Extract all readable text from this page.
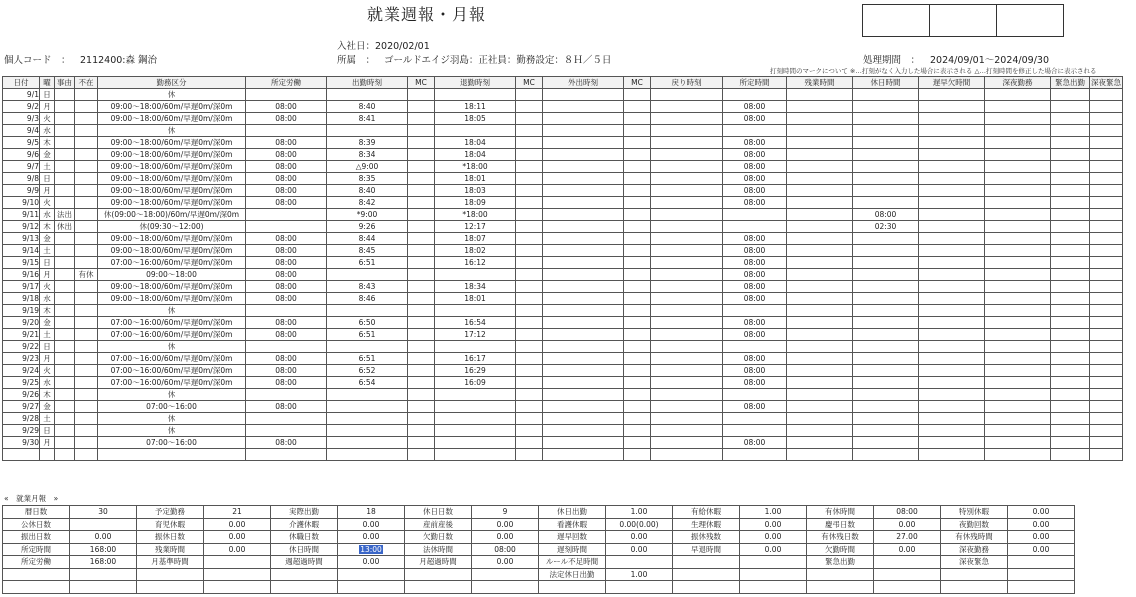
就業週報・月報
入社日：2020/02/01
所属　： ゴールドエイジ羽島：正社員：勤務設定：８Ｈ／５日
個人コード　： 2112400:森 鋼治	処理期間　： 2024/09/01～2024/09/30
打刻時間のマークについて ※…打刻がなく入力した場合に表示される △…打刻時間を修正した場合に表示される
日付	曜	事由	不在	勤務区分	所定労働	出勤時刻	MC	退勤時刻	MC	外出時刻	MC	戻り時刻	所定時間	残業時間	休日時間	遅早欠時間	深夜勤務	緊急出勤	深夜緊急
9/1	日			休															
9/2	月			09:00～18:00/60m/早遅0m/深0m	08:00	8:40		18:11					08:00						
9/3	火			09:00～18:00/60m/早遅0m/深0m	08:00	8:41		18:05					08:00						
9/4	水			休															
9/5	木			09:00～18:00/60m/早遅0m/深0m	08:00	8:39		18:04					08:00						
9/6	金			09:00～18:00/60m/早遅0m/深0m	08:00	8:34		18:04					08:00						
9/7	土			09:00～18:00/60m/早遅0m/深0m	08:00	△9:00		*18:00					08:00						
9/8	日			09:00～18:00/60m/早遅0m/深0m	08:00	8:35		18:01					08:00						
9/9	月			09:00～18:00/60m/早遅0m/深0m	08:00	8:40		18:03					08:00						
9/10	火			09:00～18:00/60m/早遅0m/深0m	08:00	8:42		18:09					08:00						
9/11	水	法出		休(09:00～18:00)/60m/早遅0m/深0m		*9:00		*18:00							08:00				
9/12	木	休出		休(09:30～12:00)		9:26		12:17							02:30				
9/13	金			09:00～18:00/60m/早遅0m/深0m	08:00	8:44		18:07					08:00						
9/14	土			09:00～18:00/60m/早遅0m/深0m	08:00	8:45		18:02					08:00						
9/15	日			07:00～16:00/60m/早遅0m/深0m	08:00	6:51		16:12					08:00						
9/16	月		有休	09:00～18:00	08:00								08:00						
9/17	火			09:00～18:00/60m/早遅0m/深0m	08:00	8:43		18:34					08:00						
9/18	水			09:00～18:00/60m/早遅0m/深0m	08:00	8:46		18:01					08:00						
9/19	木			休															
9/20	金			07:00～16:00/60m/早遅0m/深0m	08:00	6:50		16:54					08:00						
9/21	土			07:00～16:00/60m/早遅0m/深0m	08:00	6:51		17:12					08:00						
9/22	日			休															
9/23	月			07:00～16:00/60m/早遅0m/深0m	08:00	6:51		16:17					08:00						
9/24	火			07:00～16:00/60m/早遅0m/深0m	08:00	6:52		16:29					08:00						
9/25	水			07:00～16:00/60m/早遅0m/深0m	08:00	6:54		16:09					08:00						
9/26	木			休															
9/27	金			07:00～16:00	08:00								08:00						
9/28	土			休															
9/29	日			休															
9/30	月			07:00～16:00	08:00								08:00						

«　就業月報　»
暦日数	30	予定勤務	21	実際出勤	18	休日日数	9	休日出勤	1.00	有給休暇	1.00	有休時間	08:00	特別休暇	0.00
公休日数		育児休暇	0.00	介護休暇	0.00	産前産後	0.00	看護休暇	0.00(0.00)	生理休暇	0.00	慶弔日数	0.00	夜勤回数	0.00
振出日数	0.00	振休日数	0.00	休職日数	0.00	欠勤日数	0.00	遅早回数	0.00	振休残数	0.00	有休残日数	27.00	有休残時間	0.00
所定時間	168:00	残業時間	0.00	休日時間	13:00	法休時間	08:00	遅刻時間	0.00	早退時間	0.00	欠勤時間	0.00	深夜勤務	0.00
所定労働	168:00	月基準時間		週超過時間	0.00	月超過時間	0.00	ルール不足時間				緊急出勤		深夜緊急	
								法定休日出勤	1.00						
